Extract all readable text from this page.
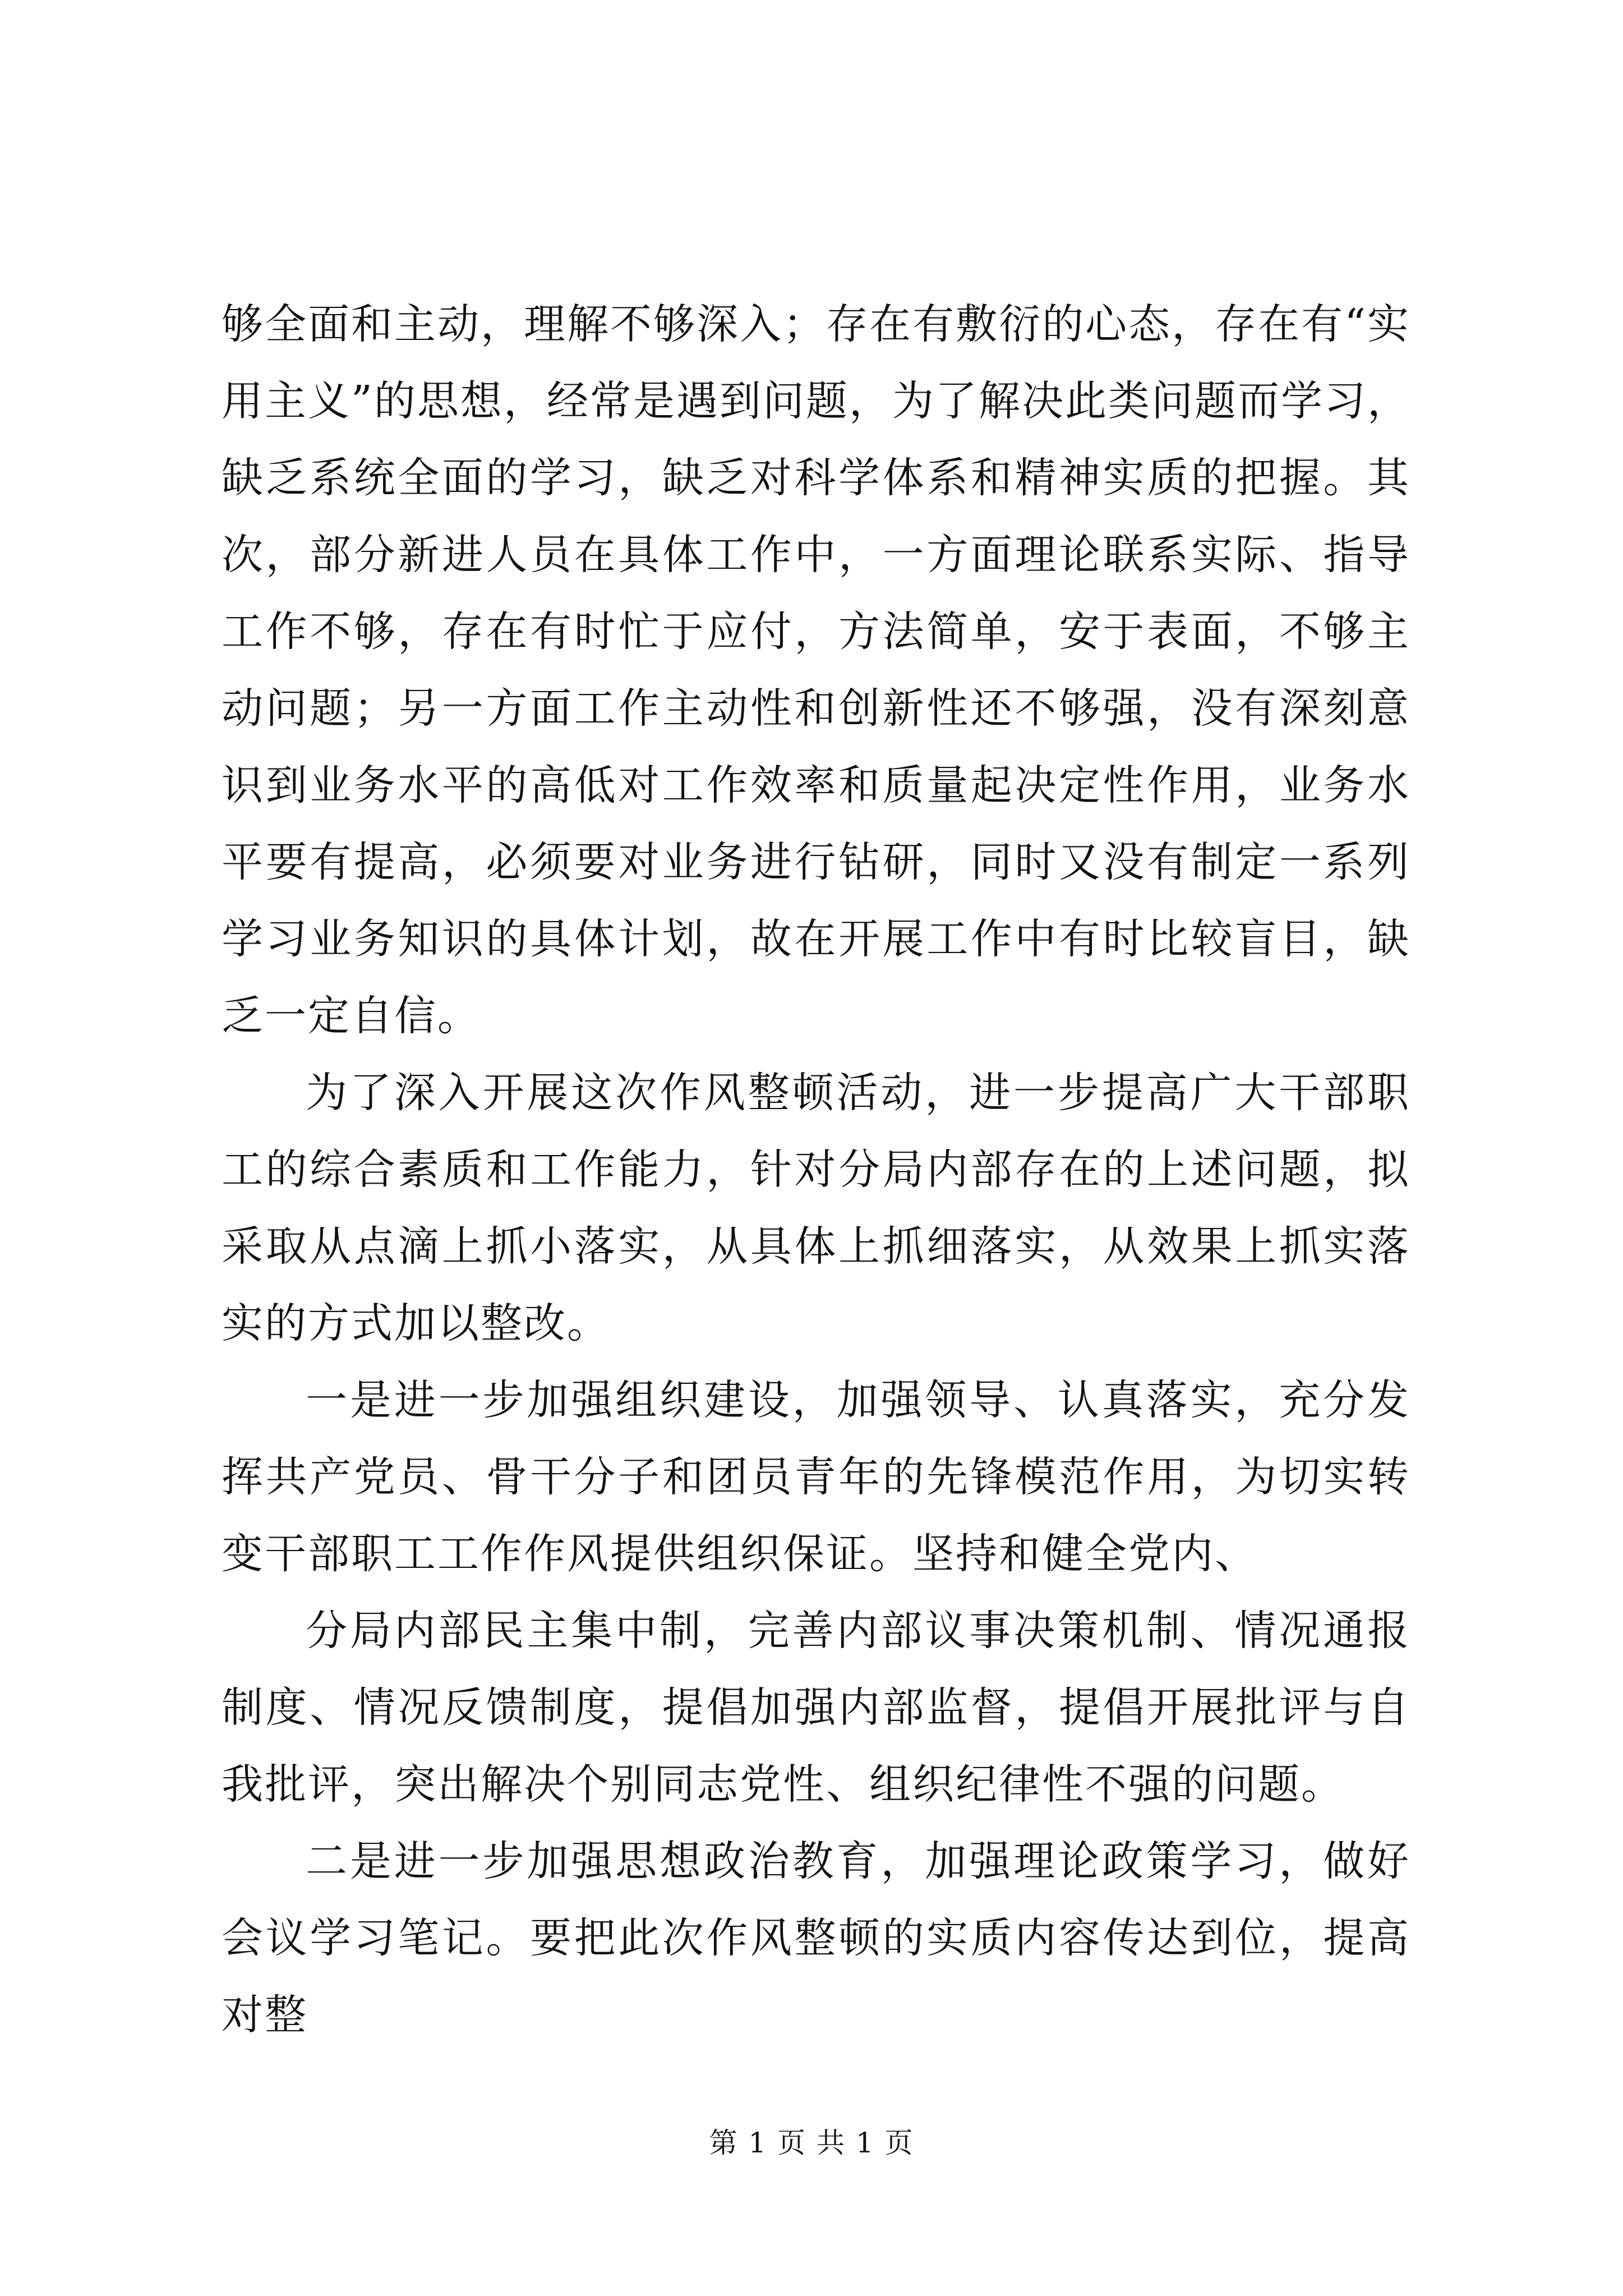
够全面和主动，理解不够深入；存在有敷衍的心态，存在有“实用主义”的思想，经常是遇到问题，为了解决此类问题而学习，缺乏系统全面的学习，缺乏对科学体系和精神实质的把握。其次，部分新进人员在具体工作中，一方面理论联系实际、指导工作不够，存在有时忙于应付，方法简单，安于表面，不够主动问题；另一方面工作主动性和创新性还不够强，没有深刻意识到业务水平的高低对工作效率和质量起决定性作用，业务水平要有提高，必须要对业务进行钻研，同时又没有制定一系列学习业务知识的具体计划，故在开展工作中有时比较盲目，缺乏一定自信。

为了深入开展这次作风整顿活动，进一步提高广大干部职工的综合素质和工作能力，针对分局内部存在的上述问题，拟采取从点滴上抓小落实，从具体上抓细落实，从效果上抓实落实的方式加以整改。

一是进一步加强组织建设，加强领导、认真落实，充分发挥共产党员、骨干分子和团员青年的先锋模范作用，为切实转变干部职工工作作风提供组织保证。坚持和健全党内、

分局内部民主集中制，完善内部议事决策机制、情况通报制度、情况反馈制度，提倡加强内部监督，提倡开展批评与自我批评，突出解决个别同志党性、组织纪律性不强的问题。

二是进一步加强思想政治教育，加强理论政策学习，做好会议学习笔记。要把此次作风整顿的实质内容传达到位，提高对整

第 1 页 共 1 页
